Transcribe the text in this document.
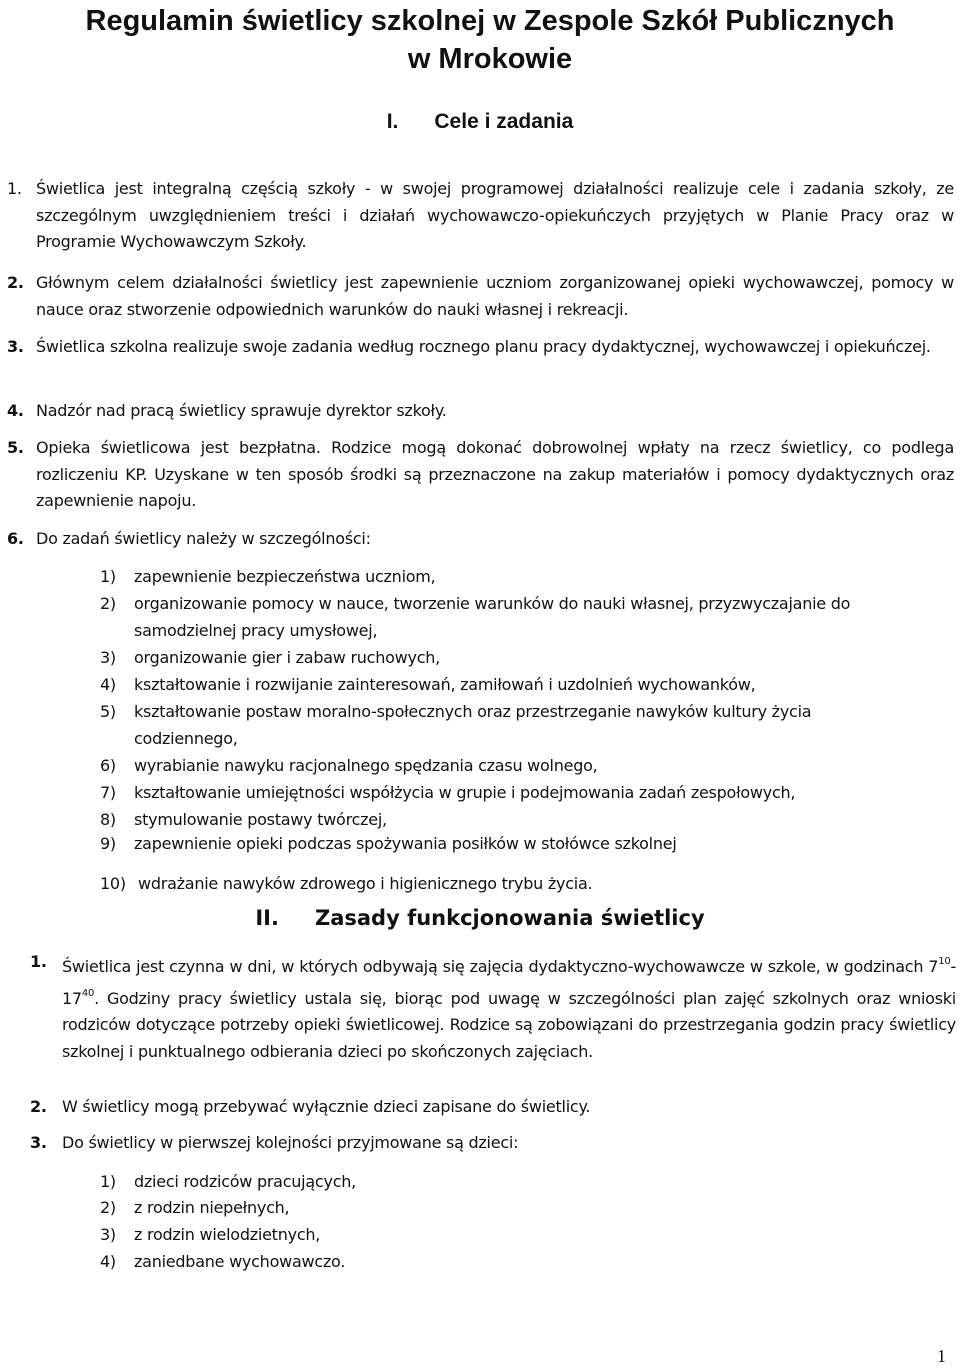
Regulamin świetlicy szkolnej w Zespole Szkół Publicznych
w Mrokowie
I. Cele i zadania
1. Świetlica jest integralną częścią szkoły - w swojej programowej działalności realizuje cele i zadania szkoły, ze szczególnym uwzględnieniem treści i działań wychowawczo-opiekuńczych przyjętych w Planie Pracy oraz w Programie Wychowawczym Szkoły.
2. Głównym celem działalności świetlicy jest zapewnienie uczniom zorganizowanej opieki wychowawczej, pomocy w nauce oraz stworzenie odpowiednich warunków do nauki własnej i rekreacji.
3. Świetlica szkolna realizuje swoje zadania według rocznego planu pracy dydaktycznej, wychowawczej i opiekuńczej.
4. Nadzór nad pracą świetlicy sprawuje dyrektor szkoły.
5. Opieka świetlicowa jest bezpłatna. Rodzice mogą dokonać dobrowolnej wpłaty na rzecz świetlicy, co podlega rozliczeniu KP. Uzyskane w ten sposób środki są przeznaczone na zakup materiałów i pomocy dydaktycznych oraz zapewnienie napoju.
6. Do zadań świetlicy należy w szczególności:
1) zapewnienie bezpieczeństwa uczniom,
2) organizowanie pomocy w nauce, tworzenie warunków do nauki własnej, przyzwyczajanie do samodzielnej pracy umysłowej,
3) organizowanie gier i zabaw ruchowych,
4) kształtowanie i rozwijanie zainteresowań, zamiłowań i uzdolnień wychowanków,
5) kształtowanie postaw moralno-społecznych oraz przestrzeganie nawyków kultury życia codziennego,
6) wyrabianie nawyku racjonalnego spędzania czasu wolnego,
7) kształtowanie umiejętności współżycia w grupie i podejmowania zadań zespołowych,
8) stymulowanie postawy twórczej,
9) zapewnienie opieki podczas spożywania posiłków w stołówce szkolnej
10) wdrażanie nawyków zdrowego i higienicznego trybu życia.
II. Zasady funkcjonowania świetlicy
1. Świetlica jest czynna w dni, w których odbywają się zajęcia dydaktyczno-wychowawcze w szkole, w godzinach $7^{10}-$ $17^{40}$. Godziny pracy świetlicy ustala się, biorąc pod uwagę w szczególności plan zajęć szkolnych oraz wnioski rodziców dotyczące potrzeby opieki świetlicowej. Rodzice są zobowiązani do przestrzegania godzin pracy świetlicy szkolnej i punktualnego odbierania dzieci po skończonych zajęciach.
2. W świetlicy mogą przebywać wyłącznie dzieci zapisane do świetlicy.
3. Do świetlicy w pierwszej kolejności przyjmowane są dzieci:
1) dzieci rodziców pracujących,
2) z rodzin niepełnych,
3) z rodzin wielodzietnych,
4) zaniedbane wychowawczo.
1
